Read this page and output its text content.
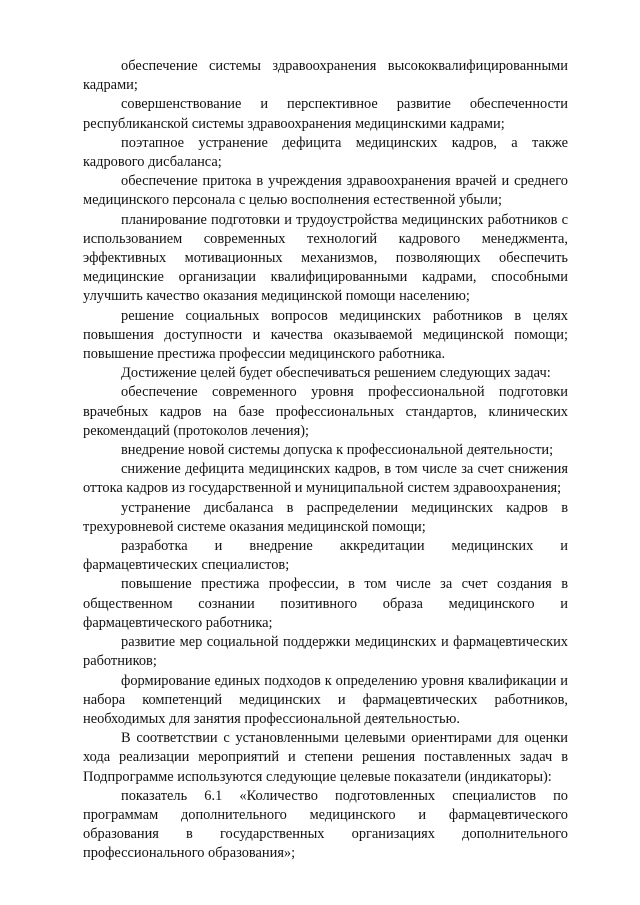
обеспечение системы здравоохранения высококвалифицированными кадрами;

совершенствование и перспективное развитие обеспеченности республиканской системы здравоохранения медицинскими кадрами;

поэтапное устранение дефицита медицинских кадров, а также кадрового дисбаланса;

обеспечение притока в учреждения здравоохранения врачей и среднего медицинского персонала с целью восполнения естественной убыли;

планирование подготовки и трудоустройства медицинских работников с использованием современных технологий кадрового менеджмента, эффективных мотивационных механизмов, позволяющих обеспечить медицинские организации квалифицированными кадрами, способными улучшить качество оказания медицинской помощи населению;

решение социальных вопросов медицинских работников в целях повышения доступности и качества оказываемой медицинской помощи; повышение престижа профессии медицинского работника.

Достижение целей будет обеспечиваться решением следующих задач:

обеспечение современного уровня профессиональной подготовки врачебных кадров на базе профессиональных стандартов, клинических рекомендаций (протоколов лечения);

внедрение новой системы допуска к профессиональной деятельности;

снижение дефицита медицинских кадров, в том числе за счет снижения оттока кадров из государственной и муниципальной систем здравоохранения;

устранение дисбаланса в распределении медицинских кадров в трехуровневой системе оказания медицинской помощи;

разработка и внедрение аккредитации медицинских и фармацевтических специалистов;

повышение престижа профессии, в том числе за счет создания в общественном сознании позитивного образа медицинского и фармацевтического работника;

развитие мер социальной поддержки медицинских и фармацевтических работников;

формирование единых подходов к определению уровня квалификации и набора компетенций медицинских и фармацевтических работников, необходимых для занятия профессиональной деятельностью.

В соответствии с установленными целевыми ориентирами для оценки хода реализации мероприятий и степени решения поставленных задач в Подпрограмме используются следующие целевые показатели (индикаторы):

показатель 6.1 «Количество подготовленных специалистов по программам дополнительного медицинского и фармацевтического образования в государственных организациях дополнительного профессионального образования»;
